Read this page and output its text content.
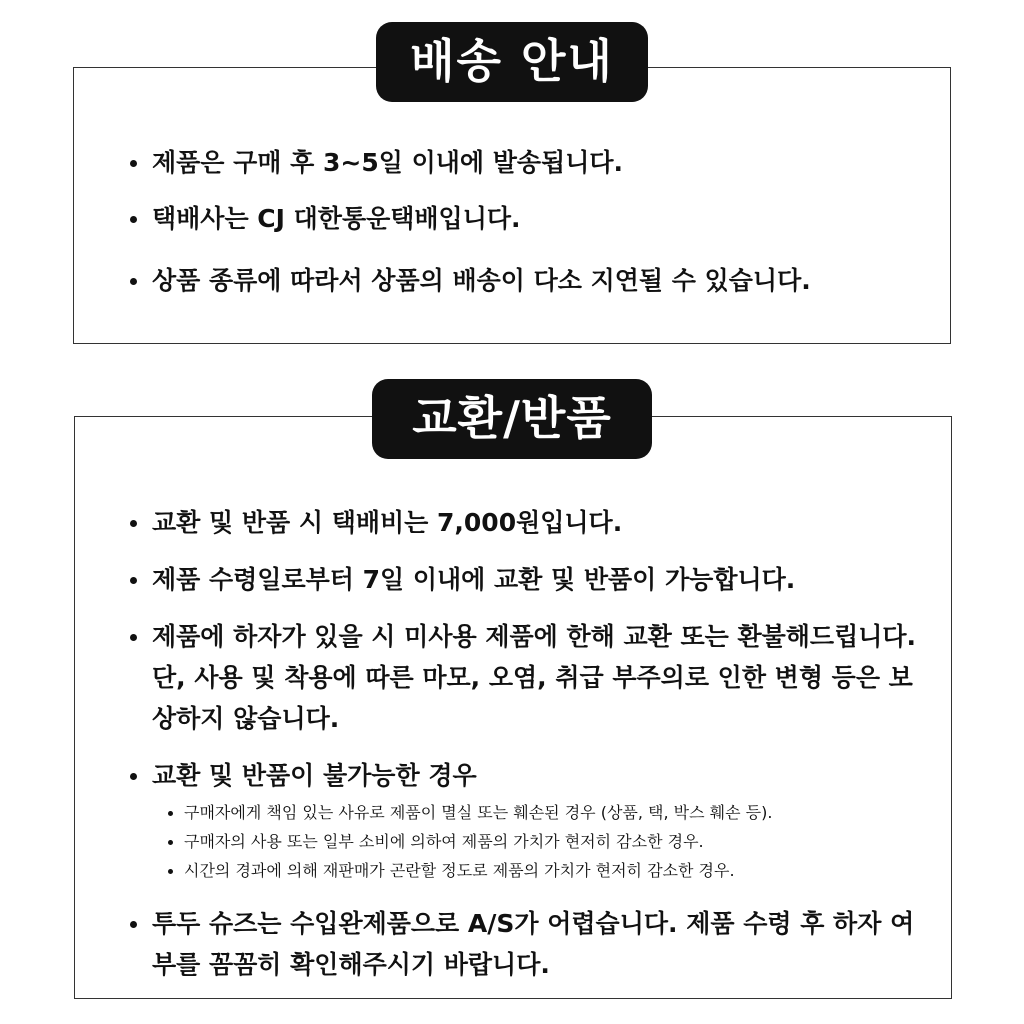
배송 안내
제품은 구매 후 3~5일 이내에 발송됩니다.
택배사는 CJ 대한통운택배입니다.
상품 종류에 따라서 상품의 배송이 다소 지연될 수 있습니다.
교환/반품
교환 및 반품 시 택배비는 7,000원입니다.
제품 수령일로부터 7일 이내에 교환 및 반품이 가능합니다.
제품에 하자가 있을 시 미사용 제품에 한해 교환 또는 환불해드립니다. 단, 사용 및 착용에 따른 마모, 오염, 취급 부주의로 인한 변형 등은 보상하지 않습니다.
교환 및 반품이 불가능한 경우
구매자에게 책임 있는 사유로 제품이 멸실 또는 훼손된 경우 (상품, 택, 박스 훼손 등).
구매자의 사용 또는 일부 소비에 의하여 제품의 가치가 현저히 감소한 경우.
시간의 경과에 의해 재판매가 곤란할 정도로 제품의 가치가 현저히 감소한 경우.
투두 슈즈는 수입완제품으로 A/S가 어렵습니다. 제품 수령 후 하자 여부를 꼼꼼히 확인해주시기 바랍니다.
